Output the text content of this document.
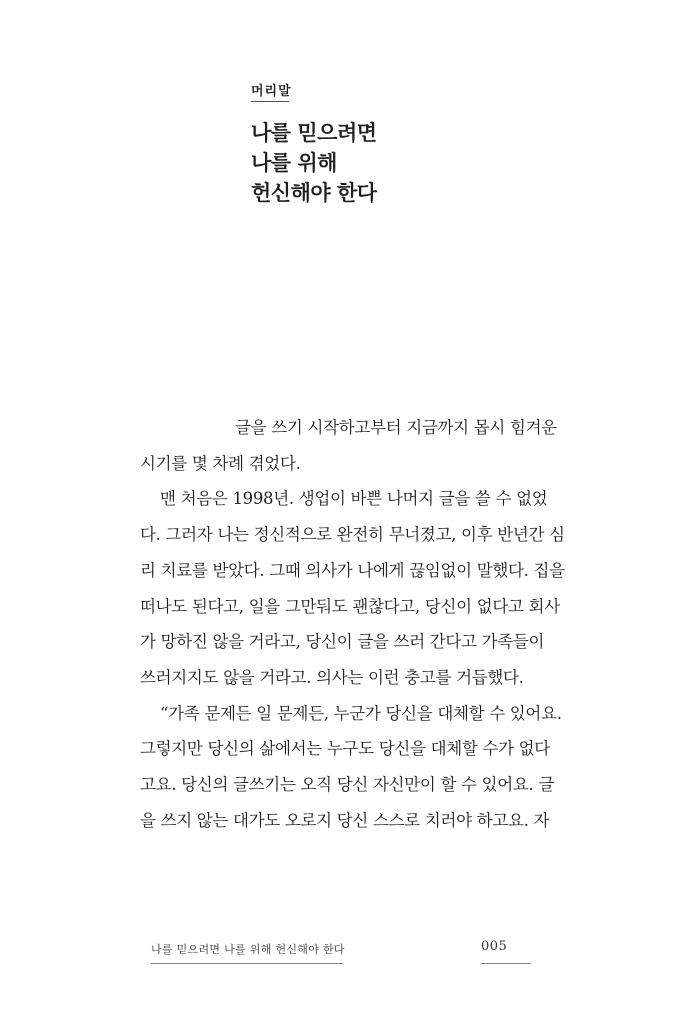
머리말
나를 믿으려면
나를 위해
헌신해야 한다
글을 쓰기 시작하고부터 지금까지 몹시 힘겨운
시기를 몇 차례 겪었다.
맨 처음은 1998년. 생업이 바쁜 나머지 글을 쓸 수 없었
다. 그러자 나는 정신적으로 완전히 무너졌고, 이후 반년간 심
리 치료를 받았다. 그때 의사가 나에게 끊임없이 말했다. 집을
떠나도 된다고, 일을 그만둬도 괜찮다고, 당신이 없다고 회사
가 망하진 않을 거라고, 당신이 글을 쓰러 간다고 가족들이
쓰러지지도 않을 거라고. 의사는 이런 충고를 거듭했다.
“가족 문제든 일 문제든, 누군가 당신을 대체할 수 있어요.
그렇지만 당신의 삶에서는 누구도 당신을 대체할 수가 없다
고요. 당신의 글쓰기는 오직 당신 자신만이 할 수 있어요. 글
을 쓰지 않는 대가도 오로지 당신 스스로 치러야 하고요. 자
나를 믿으려면 나를 위해 헌신해야 한다	005
